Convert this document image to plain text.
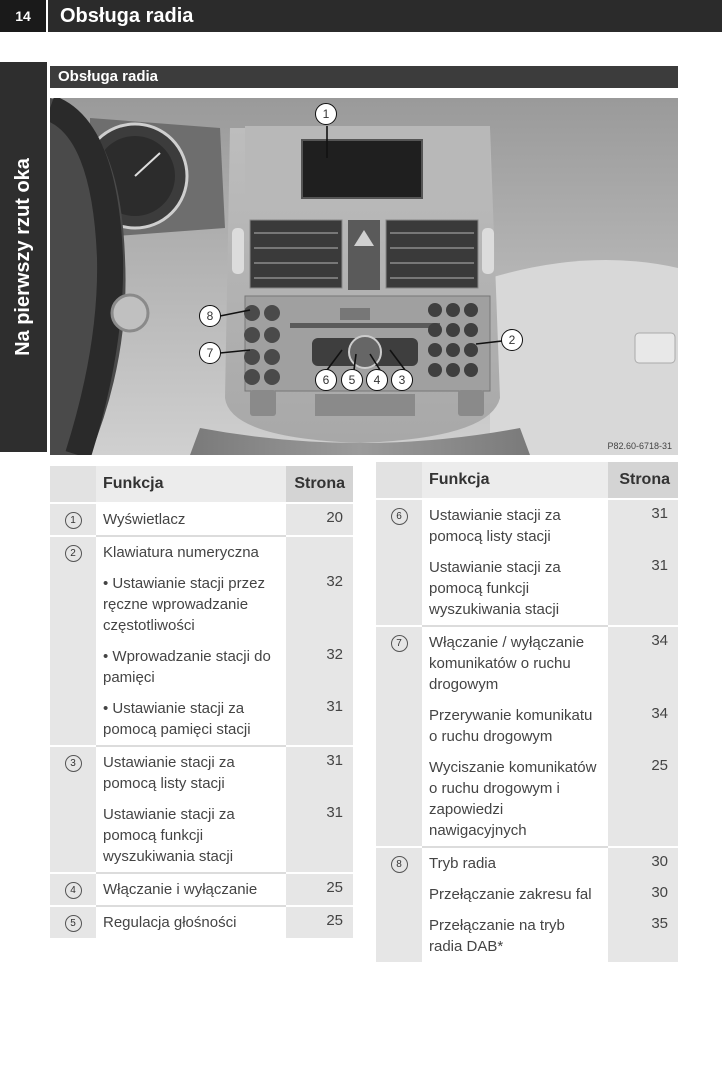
14	Obsługa radia
Na pierwszy rzut oka
Obsługa radia
1
2
3
4
5
6
7
8
P82.60-6718-31
	Funkcja	Strona
1	Wyświetlacz	20
2	Klawiatura numeryczna	
	• Ustawianie stacji przez ręczne wprowadzanie częstotliwości	32
	• Wprowadzanie stacji do pamięci	32
	• Ustawianie stacji za pomocą pamięci stacji	31
3	Ustawianie stacji za pomocą listy stacji	31
	Ustawianie stacji za pomocą funkcji wyszukiwania stacji	31
4	Włączanie i wyłączanie	25
5	Regulacja głośności	25
	Funkcja	Strona
6	Ustawianie stacji za pomocą listy stacji	31
	Ustawianie stacji za pomocą funkcji wyszukiwania stacji	31
7	Włączanie / wyłączanie komunikatów o ruchu drogowym	34
	Przerywanie komunikatu o ruchu drogowym	34
	Wyciszanie komunikatów o ruchu drogowym i zapowiedzi nawigacyjnych	25
8	Tryb radia	30
	Przełączanie zakresu fal	30
	Przełączanie na tryb radia DAB*	35
